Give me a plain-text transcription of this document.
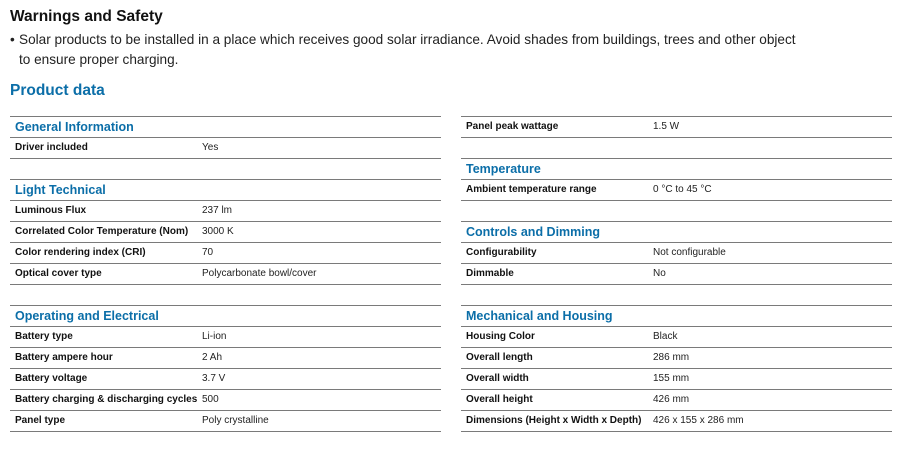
Warnings and Safety
• Solar products to be installed in a place which receives good solar irradiance. Avoid shades from buildings, trees and other object
to ensure proper charging.
Product data
General Information
Driver included	Yes
Light Technical
Luminous Flux	237 lm
Correlated Color Temperature (Nom) 3000 K
Color rendering index (CRI)	70
Optical cover type	Polycarbonate bowl/cover
Operating and Electrical
Battery type	Li-ion
Battery ampere hour	2 Ah
Battery voltage	3.7 V
Battery charging & discharging cycles 500
Panel type	Poly crystalline
Panel peak wattage	1.5 W
Temperature
Ambient temperature range	0 °C to 45 °C
Controls and Dimming
Configurability	Not configurable
Dimmable	No
Mechanical and Housing
Housing Color	Black
Overall length	286 mm
Overall width	155 mm
Overall height	426 mm
Dimensions (Height x Width x Depth) 426 x 155 x 286 mm
